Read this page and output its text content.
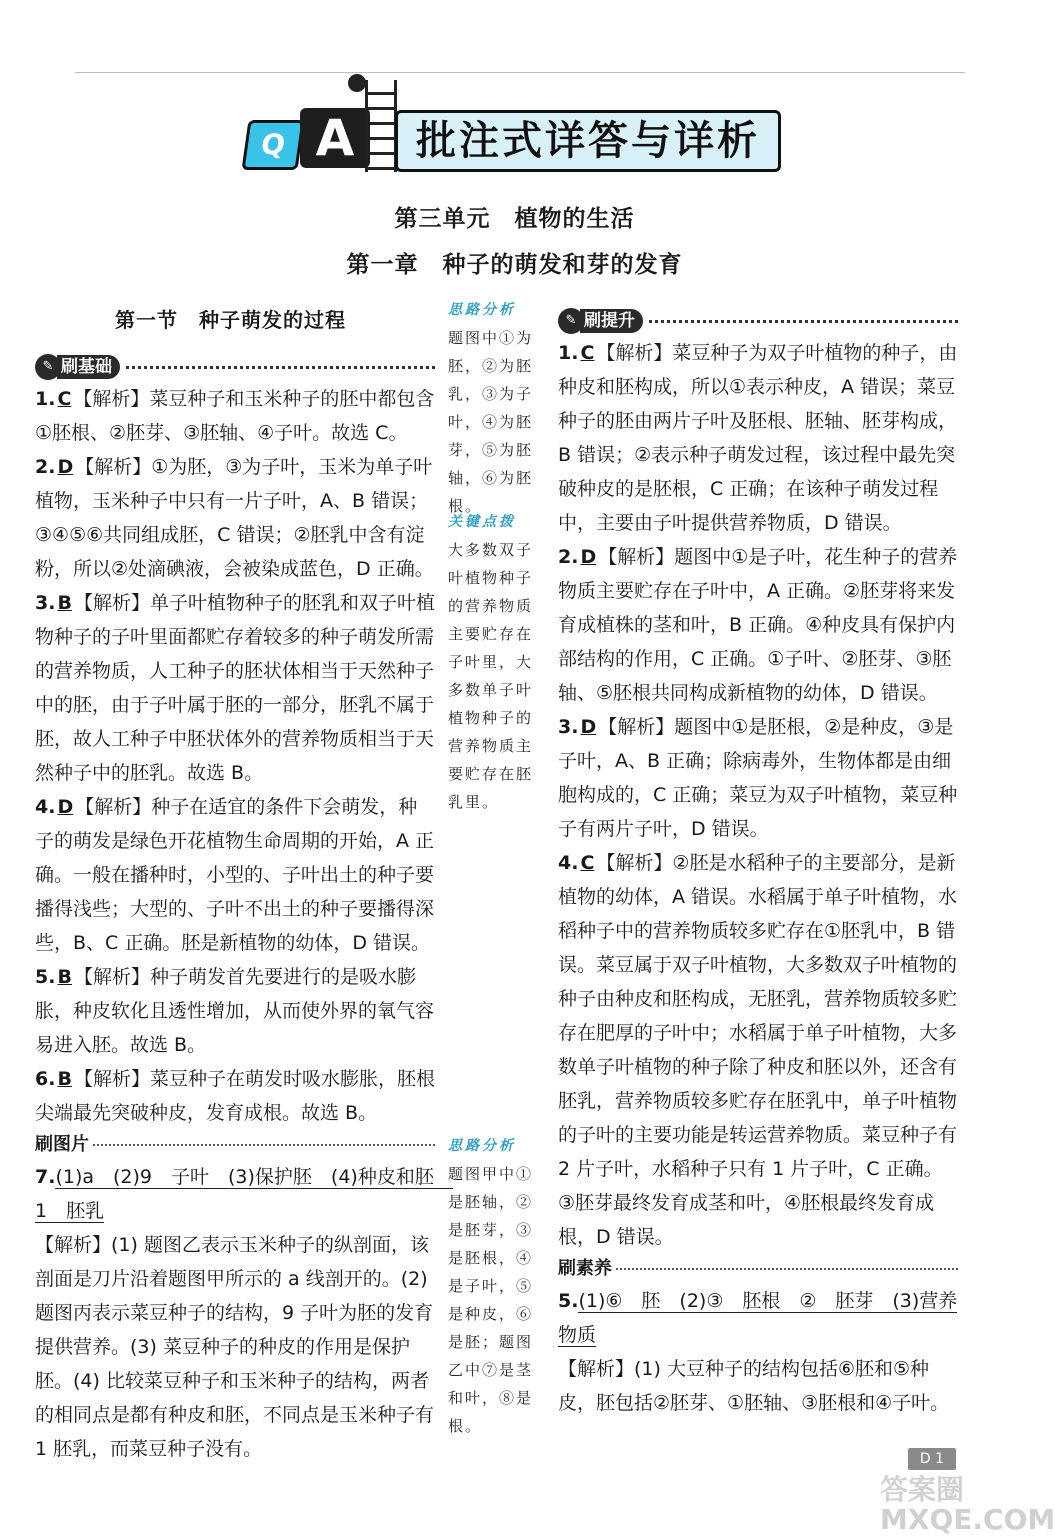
Q A	批注式详答与详析
第三单元　植物的生活
第一章　种子的萌发和芽的发育
第一节　种子萌发的过程
✎ 刷基础

1. C 【解析】菜豆种子和玉米种子的胚中都包含①胚根、②胚芽、③胚轴、④子叶。故选 C。

2. D 【解析】①为胚，③为子叶，玉米为单子叶植物，玉米种子中只有一片子叶，A、B 错误；③④⑤⑥共同组成胚，C 错误；②胚乳中含有淀粉，所以②处滴碘液，会被染成蓝色，D 正确。

3. B 【解析】单子叶植物种子的胚乳和双子叶植物种子的子叶里面都贮存着较多的种子萌发所需的营养物质，人工种子的胚状体相当于天然种子中的胚，由于子叶属于胚的一部分，胚乳不属于胚，故人工种子中胚状体外的营养物质相当于天然种子中的胚乳。故选 B。

4. D 【解析】种子在适宜的条件下会萌发，种子的萌发是绿色开花植物生命周期的开始，A 正确。一般在播种时，小型的、子叶出土的种子要播得浅些；大型的、子叶不出土的种子要播得深些，B、C 正确。胚是新植物的幼体，D 错误。

5. B 【解析】种子萌发首先要进行的是吸水膨胀，种皮软化且透性增加，从而使外界的氧气容易进入胚。故选 B。

6. B 【解析】菜豆种子在萌发时吸水膨胀，胚根尖端最先突破种皮，发育成根。故选 B。

刷图片

7.(1)a　(2)9　子叶　(3)保护胚　(4)种皮和胚　1　胚乳

【解析】(1) 题图乙表示玉米种子的纵剖面，该剖面是刀片沿着题图甲所示的 a 线剖开的。(2) 题图丙表示菜豆种子的结构，9 子叶为胚的发育提供营养。(3) 菜豆种子的种皮的作用是保护胚。(4) 比较菜豆种子和玉米种子的结构，两者的相同点是都有种皮和胚，不同点是玉米种子有 1 胚乳，而菜豆种子没有。

思路分析
题图中①为胚，②为胚乳，③为子叶，④为胚芽，⑤为胚轴，⑥为胚根。
关键点拨
大多数双子叶植物种子的营养物质主要贮存在子叶里，大多数单子叶植物种子的营养物质主要贮存在胚乳里。
思路分析
题图甲中①是胚轴，②是胚芽，③是胚根，④是子叶，⑤是种皮，⑥是胚；题图乙中⑦是茎和叶，⑧是根。
✎ 刷提升

1. C 【解析】菜豆种子为双子叶植物的种子，由种皮和胚构成，所以①表示种皮，A 错误；菜豆种子的胚由两片子叶及胚根、胚轴、胚芽构成，B 错误；②表示种子萌发过程，该过程中最先突破种皮的是胚根，C 正确；在该种子萌发过程中，主要由子叶提供营养物质，D 错误。

2. D 【解析】题图中①是子叶，花生种子的营养物质主要贮存在子叶中，A 正确。②胚芽将来发育成植株的茎和叶，B 正确。④种皮具有保护内部结构的作用，C 正确。①子叶、②胚芽、③胚轴、⑤胚根共同构成新植物的幼体，D 错误。

3. D 【解析】题图中①是胚根，②是种皮，③是子叶，A、B 正确；除病毒外，生物体都是由细胞构成的，C 正确；菜豆为双子叶植物，菜豆种子有两片子叶，D 错误。

4. C 【解析】②胚是水稻种子的主要部分，是新植物的幼体，A 错误。水稻属于单子叶植物，水稻种子中的营养物质较多贮存在①胚乳中，B 错误。菜豆属于双子叶植物，大多数双子叶植物的种子由种皮和胚构成，无胚乳，营养物质较多贮存在肥厚的子叶中；水稻属于单子叶植物，大多数单子叶植物的种子除了种皮和胚以外，还含有胚乳，营养物质较多贮存在胚乳中，单子叶植物的子叶的主要功能是转运营养物质。菜豆种子有 2 片子叶，水稻种子只有 1 片子叶，C 正确。③胚芽最终发育成茎和叶，④胚根最终发育成根，D 错误。

刷素养

5.(1)⑥　胚　(2)③　胚根　②　胚芽　(3)营养物质

【解析】(1) 大豆种子的结构包括⑥胚和⑤种皮，胚包括②胚芽、①胚轴、③胚根和④子叶。

D 1
答案圈 MXQE.COM
